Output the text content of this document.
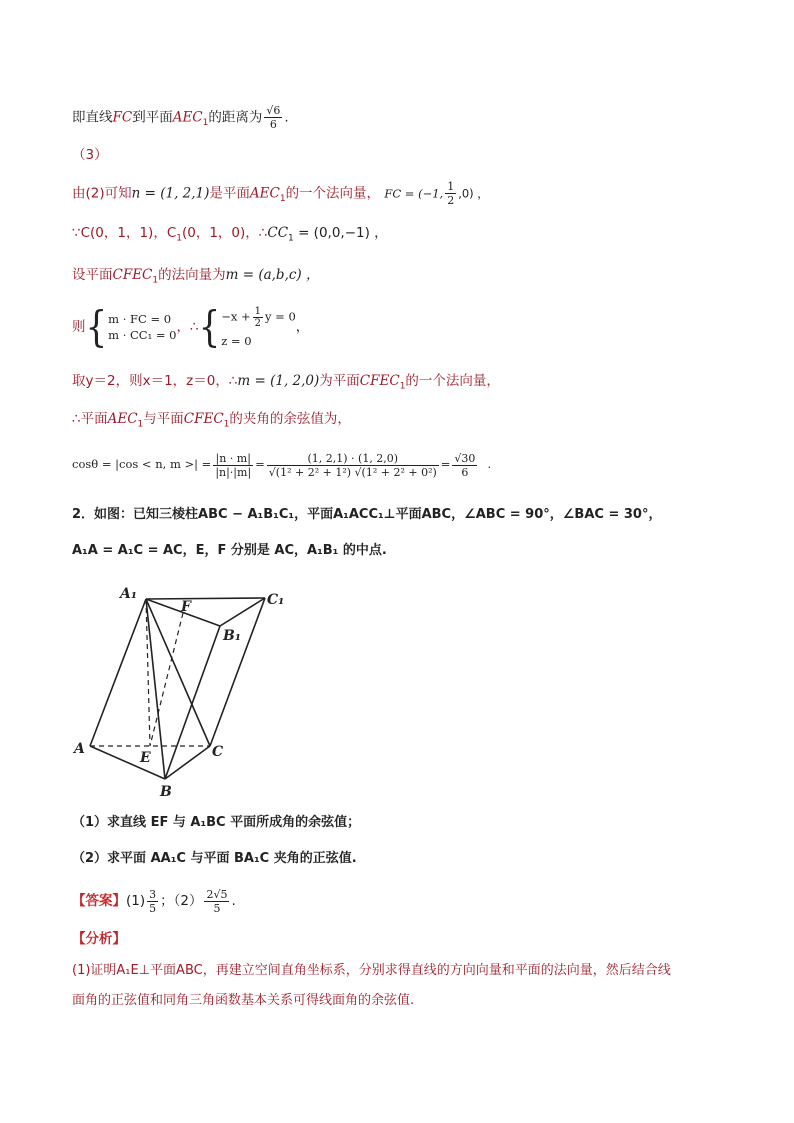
即直线FC到平面$AEC_1$的距离为 $\frac{√6}{6}$ .
（3）
由(2)可知n = (1, 2,1)是平面$AEC_1$的一个法向量， FC = (−1, $\frac{1}{2} ,0$) ，
∵C(0，1，1)，$C_1(0$，1，0)，$\therefore CC_1 = (0,0,-1)$ ，
设平面$CFEC_1$的法向量为m = (a,b,c) ，
则{ m · FC = 0
m · CC₁ = 0 ，∴{ $-x + \frac{1}{2}$ y = 0
z = 0
，
取y＝2，则x＝1，z＝0，∴m = (1, 2,0)为平面$CFEC_1$的一个法向量，
∴平面$AEC_1$与平面$CFEC_1$的夹角的余弦值为，
cosθ = |cos < n, m >| = $\frac{|n \cdot m|}{|n|\cdot|m|} = \frac{(1, 2,1) \cdot (1, 2,0)}{\text{√(1² + 2² + 1²) √(1² + 2² + 0²)}} = \frac{√30}{6}$ .
2．如图：已知三棱柱ABC − A₁B₁C₁，平面A₁ACC₁⊥平面ABC，∠ABC = 90°，∠BAC = 30°，
A₁A = A₁C = AC，E，F 分别是 AC，A₁B₁ 的中点.
A₁	C₁
B₁
F
A
E	C
B
（1）求直线 EF 与 A₁BC 平面所成角的余弦值；
（2）求平面 AA₁C 与平面 BA₁C 夹角的正弦值.
【答案】$(1) \frac{3}{5}$ ；$(2) \frac{2√5}{5}$ .
【分析】
(1)证明A₁E⊥平面ABC，再建立空间直角坐标系，分别求得直线的方向向量和平面的法向量，然后结合线
面角的正弦值和同角三角函数基本关系可得线面角的余弦值.
